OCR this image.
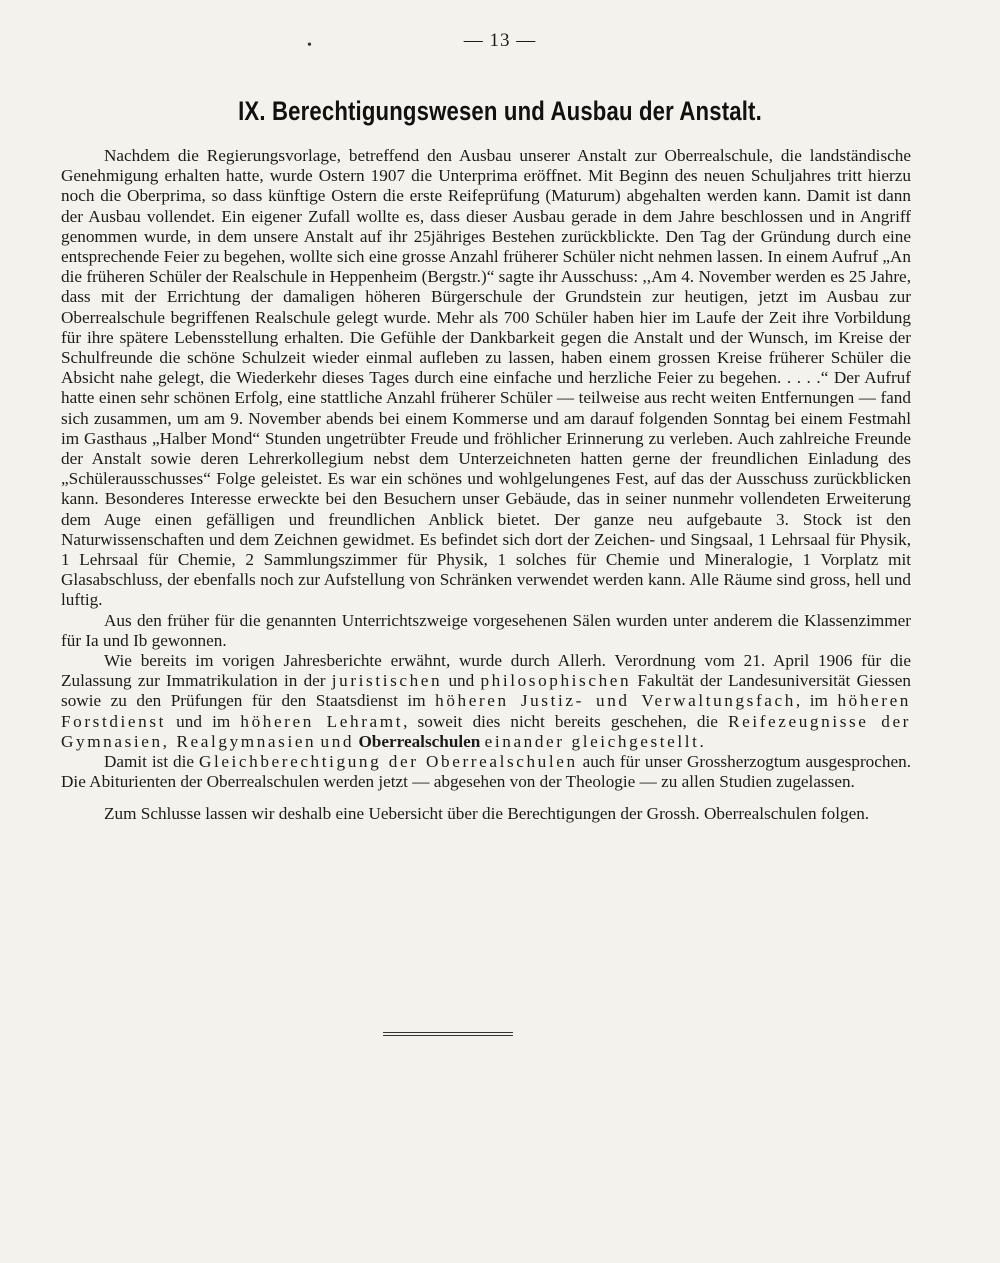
•	— 13 —

IX. Berechtigungswesen und Ausbau der Anstalt.

Nachdem die Regierungsvorlage, betreffend den Ausbau unserer Anstalt zur Oberrealschule, die landständische Genehmigung erhalten hatte, wurde Ostern 1907 die Unterprima eröffnet. Mit Beginn des neuen Schuljahres tritt hierzu noch die Oberprima, so dass künftige Ostern die erste Reifeprüfung (Maturum) abgehalten werden kann. Damit ist dann der Ausbau vollendet. Ein eigener Zufall wollte es, dass dieser Ausbau gerade in dem Jahre beschlossen und in Angriff genommen wurde, in dem unsere Anstalt auf ihr 25jähriges Bestehen zurückblickte. Den Tag der Gründung durch eine entsprechende Feier zu begehen, wollte sich eine grosse Anzahl früherer Schüler nicht nehmen lassen. In einem Aufruf „An die früheren Schüler der Realschule in Heppenheim (Bergstr.)“ sagte ihr Ausschuss: ,,Am 4. November werden es 25 Jahre, dass mit der Errichtung der damaligen höheren Bürgerschule der Grundstein zur heutigen, jetzt im Ausbau zur Oberrealschule begriffenen Realschule gelegt wurde. Mehr als 700 Schüler haben hier im Laufe der Zeit ihre Vorbildung für ihre spätere Lebensstellung erhalten. Die Gefühle der Dankbarkeit gegen die Anstalt und der Wunsch, im Kreise der Schulfreunde die schöne Schulzeit wieder einmal aufleben zu lassen, haben einem grossen Kreise früherer Schüler die Absicht nahe gelegt, die Wiederkehr dieses Tages durch eine einfache und herzliche Feier zu begehen. . . . .“ Der Aufruf hatte einen sehr schönen Erfolg, eine stattliche Anzahl früherer Schüler — teilweise aus recht weiten Entfernungen — fand sich zusammen, um am 9. November abends bei einem Kommerse und am darauf folgenden Sonntag bei einem Festmahl im Gasthaus „Halber Mond“ Stunden ungetrübter Freude und fröhlicher Erinnerung zu verleben. Auch zahlreiche Freunde der Anstalt sowie deren Lehrerkollegium nebst dem Unterzeichneten hatten gerne der freundlichen Einladung des „Schülerausschusses“ Folge geleistet. Es war ein schönes und wohlgelungenes Fest, auf das der Ausschuss zurückblicken kann. Besonderes Interesse erweckte bei den Besuchern unser Gebäude, das in seiner nunmehr vollendeten Erweiterung dem Auge einen gefälligen und freundlichen Anblick bietet. Der ganze neu aufgebaute 3. Stock ist den Naturwissenschaften und dem Zeichnen gewidmet. Es befindet sich dort der Zeichen- und Singsaal, 1 Lehrsaal für Physik, 1 Lehrsaal für Chemie, 2 Sammlungszimmer für Physik, 1 solches für Chemie und Mineralogie, 1 Vorplatz mit Glasabschluss, der ebenfalls noch zur Aufstellung von Schränken verwendet werden kann. Alle Räume sind gross, hell und luftig.

Aus den früher für die genannten Unterrichtszweige vorgesehenen Sälen wurden unter anderem die Klassenzimmer für Ia und Ib gewonnen.

Wie bereits im vorigen Jahresberichte erwähnt, wurde durch Allerh. Verordnung vom 21. April 1906 für die Zulassung zur Immatrikulation in der juristischen und philosophischen Fakultät der Landesuniversität Giessen sowie zu den Prüfungen für den Staatsdienst im höheren Justiz- und Verwaltungsfach, im höheren Forstdienst und im höheren Lehramt, soweit dies nicht bereits geschehen, die Reifezeugnisse der Gymnasien, Realgymnasien und Oberrealschulen einander gleichgestellt.

Damit ist die Gleichberechtigung der Oberrealschulen auch für unser Grossherzogtum ausgesprochen. Die Abiturienten der Oberrealschulen werden jetzt — abgesehen von der Theologie — zu allen Studien zugelassen.

Zum Schlusse lassen wir deshalb eine Uebersicht über die Berechtigungen der Grossh. Oberrealschulen folgen.
